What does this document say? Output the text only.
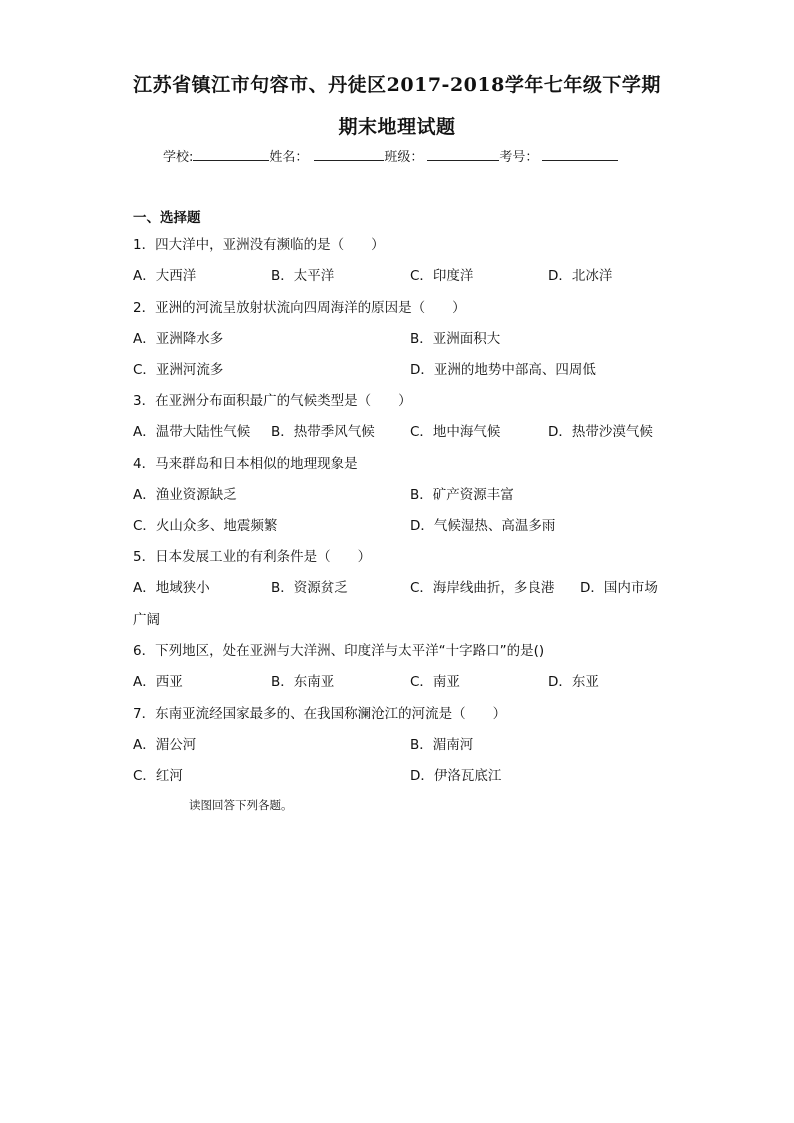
江苏省镇江市句容市、丹徒区2017-2018学年七年级下学期
期末地理试题
学校:	姓名：	班级：	考号：
一、选择题
1．四大洋中，亚洲没有濒临的是（　　）
A．大西洋	B．太平洋	C．印度洋	D．北冰洋
2．亚洲的河流呈放射状流向四周海洋的原因是（　　）
A．亚洲降水多	B．亚洲面积大
C．亚洲河流多	D．亚洲的地势中部高、四周低
3．在亚洲分布面积最广的气候类型是（　　）
A．温带大陆性气候 B．热带季风气候	C．地中海气候	D．热带沙漠气候
4．马来群岛和日本相似的地理现象是
A．渔业资源缺乏	B．矿产资源丰富
C．火山众多、地震频繁	D．气候湿热、高温多雨
5．日本发展工业的有利条件是（　　）
A．地域狭小	B．资源贫乏	C．海岸线曲折，多良港 D．国内市场
广阔
6．下列地区，处在亚洲与大洋洲、印度洋与太平洋“十字路口”的是()
A．西亚	B．东南亚	C．南亚	D．东亚
7．东南亚流经国家最多的、在我国称澜沧江的河流是（　　）
A．湄公河	B．湄南河
C．红河	D．伊洛瓦底江
读图回答下列各题。
